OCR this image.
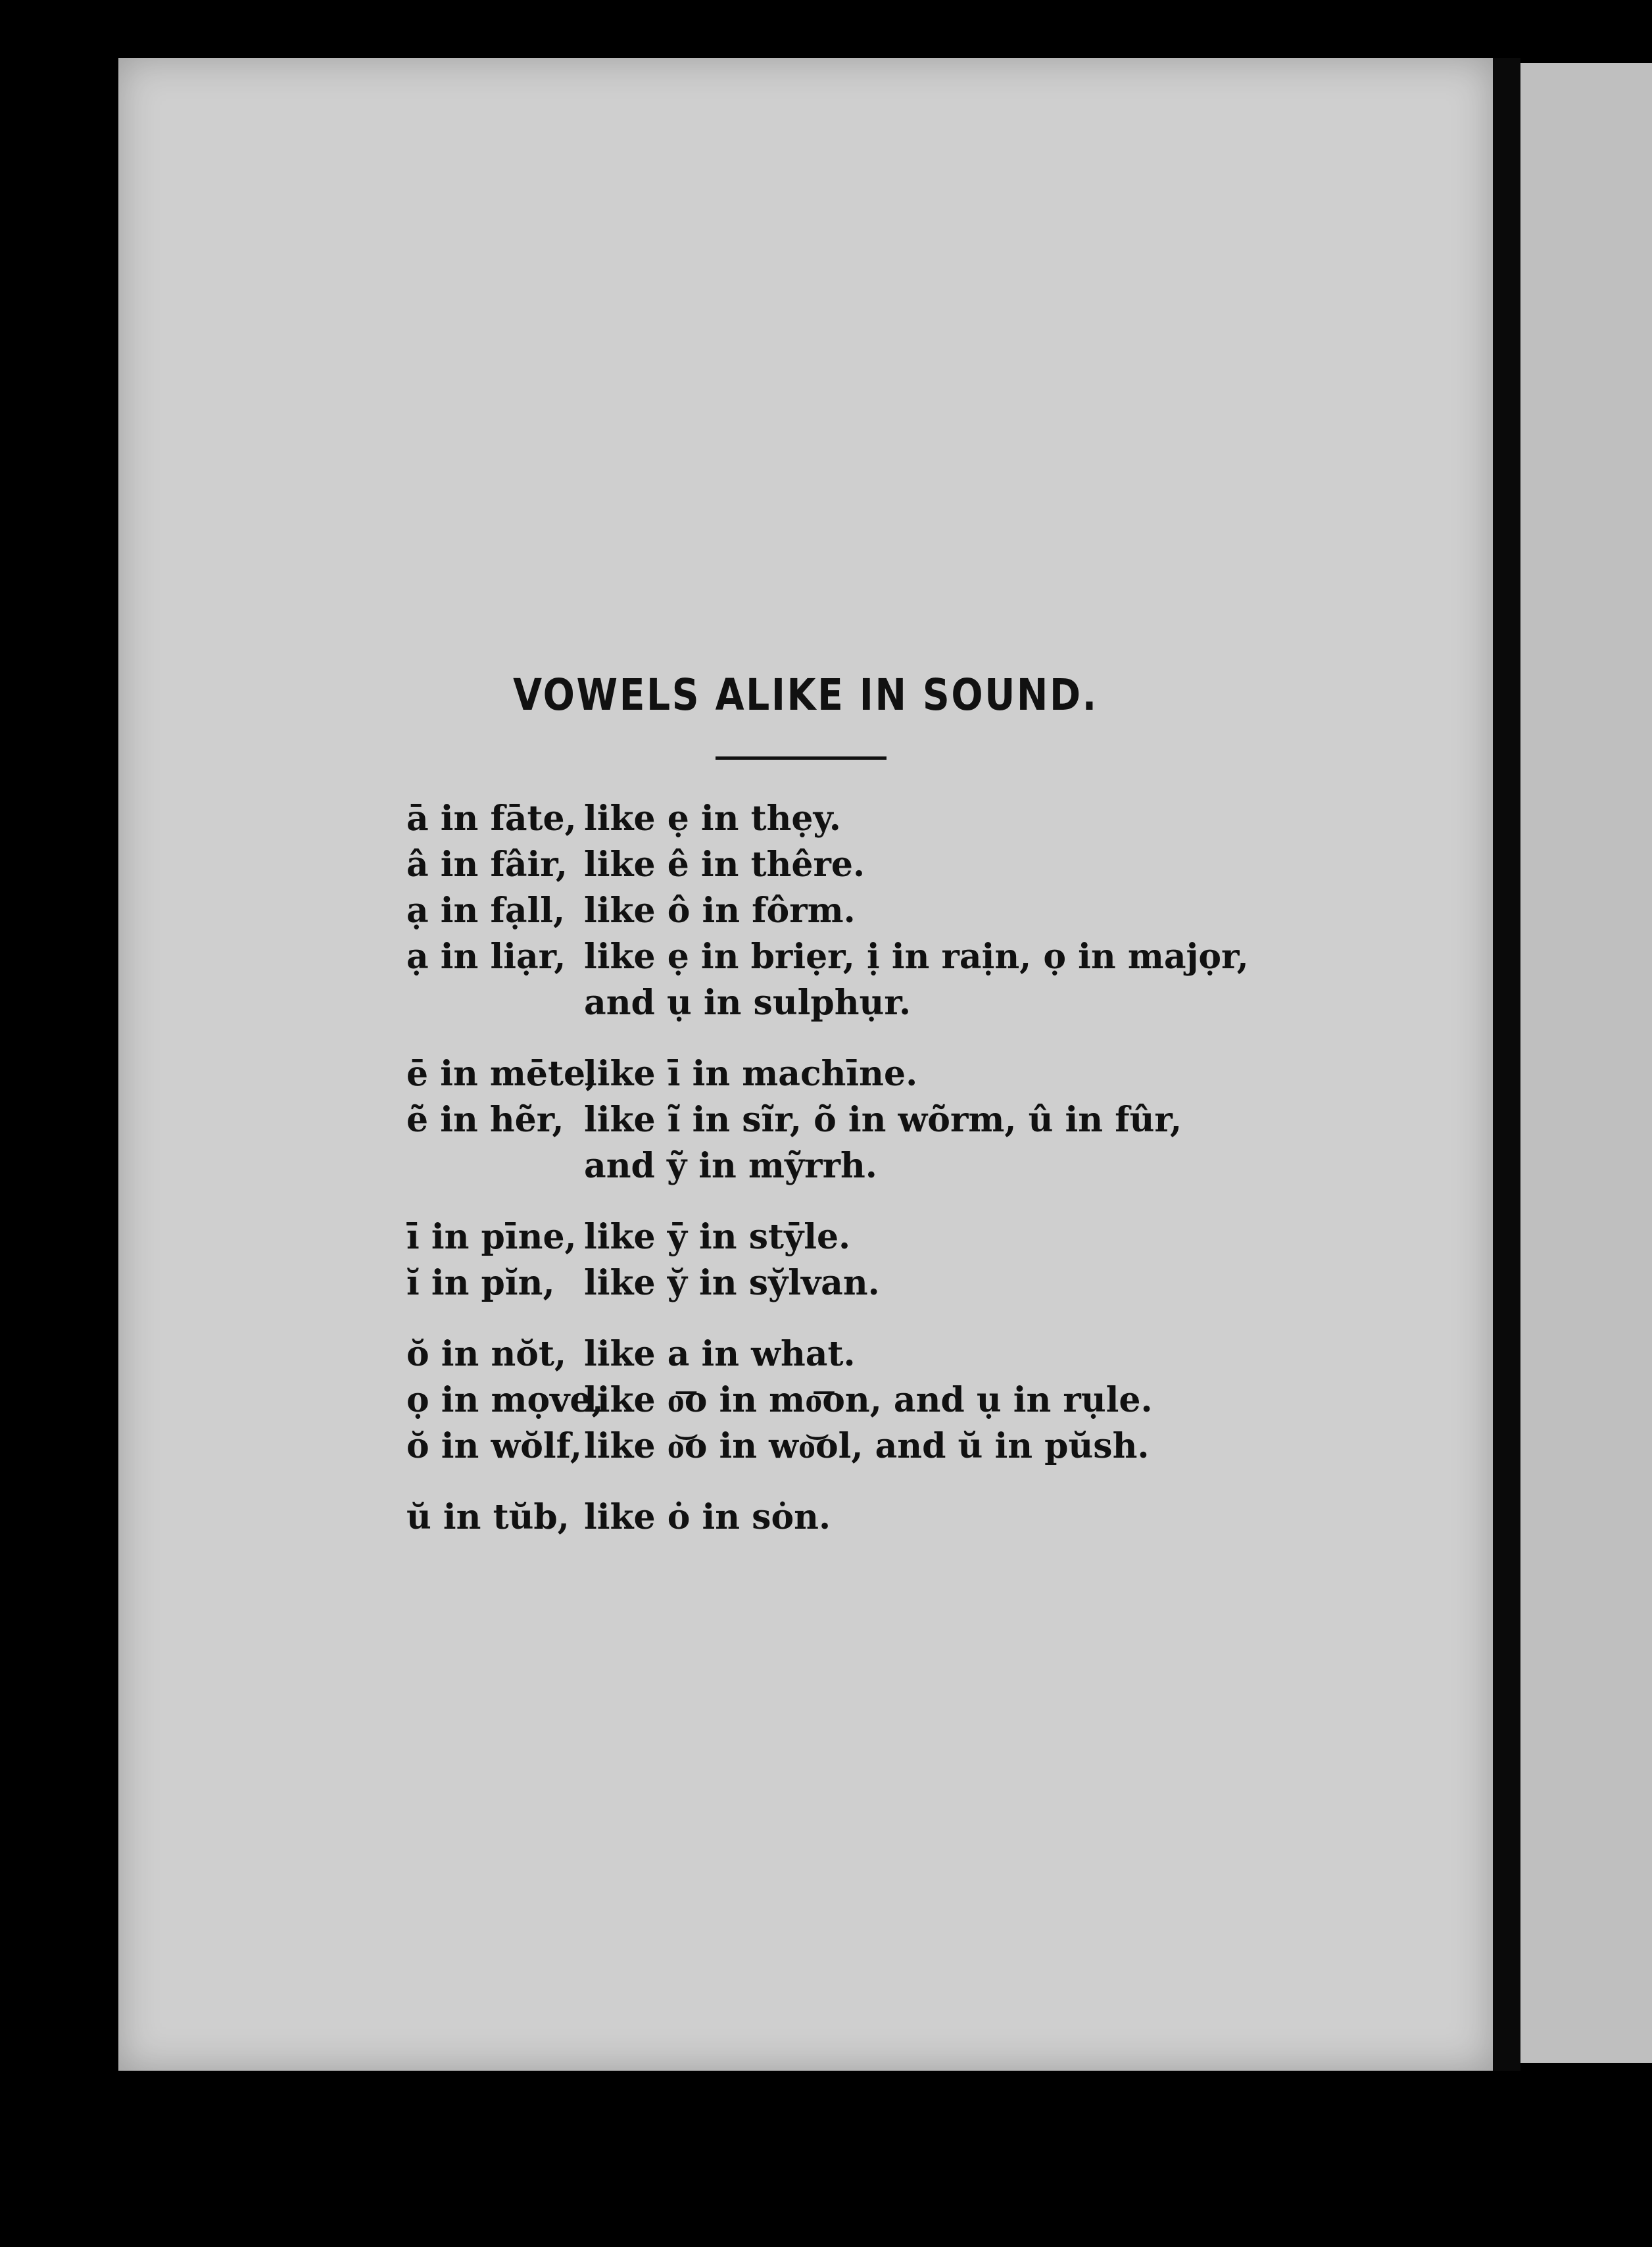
VOWELS ALIKE IN SOUND.
ā in fāte, like ẹ in thẹy.
â in fâir, like ê in thêre.
ạ in fạll, like ô in fôrm.
ạ in liạr, like ẹ in briẹr, ị in raịn, ọ in majọr,
and ụ in sulphụr.
ē in mēte,
like ī in machīne.
ẽ in hẽr, like ĩ in sĩr, õ in wõrm, û in fûr,
and ỹ in mỹrrh.
ī in pīne, like ȳ in stȳle.
ĭ in pĭn, like y̆ in sy̆lvan.
ŏ in nŏt, like a in what.
ọ in mọve,
like o͞o in mo͞on, and ụ in rụle.
ŏ in wŏlf, like o͝o in wo͝ol, and ŭ in pŭsh.
ŭ in tŭb, like ȯ in sȯn.
